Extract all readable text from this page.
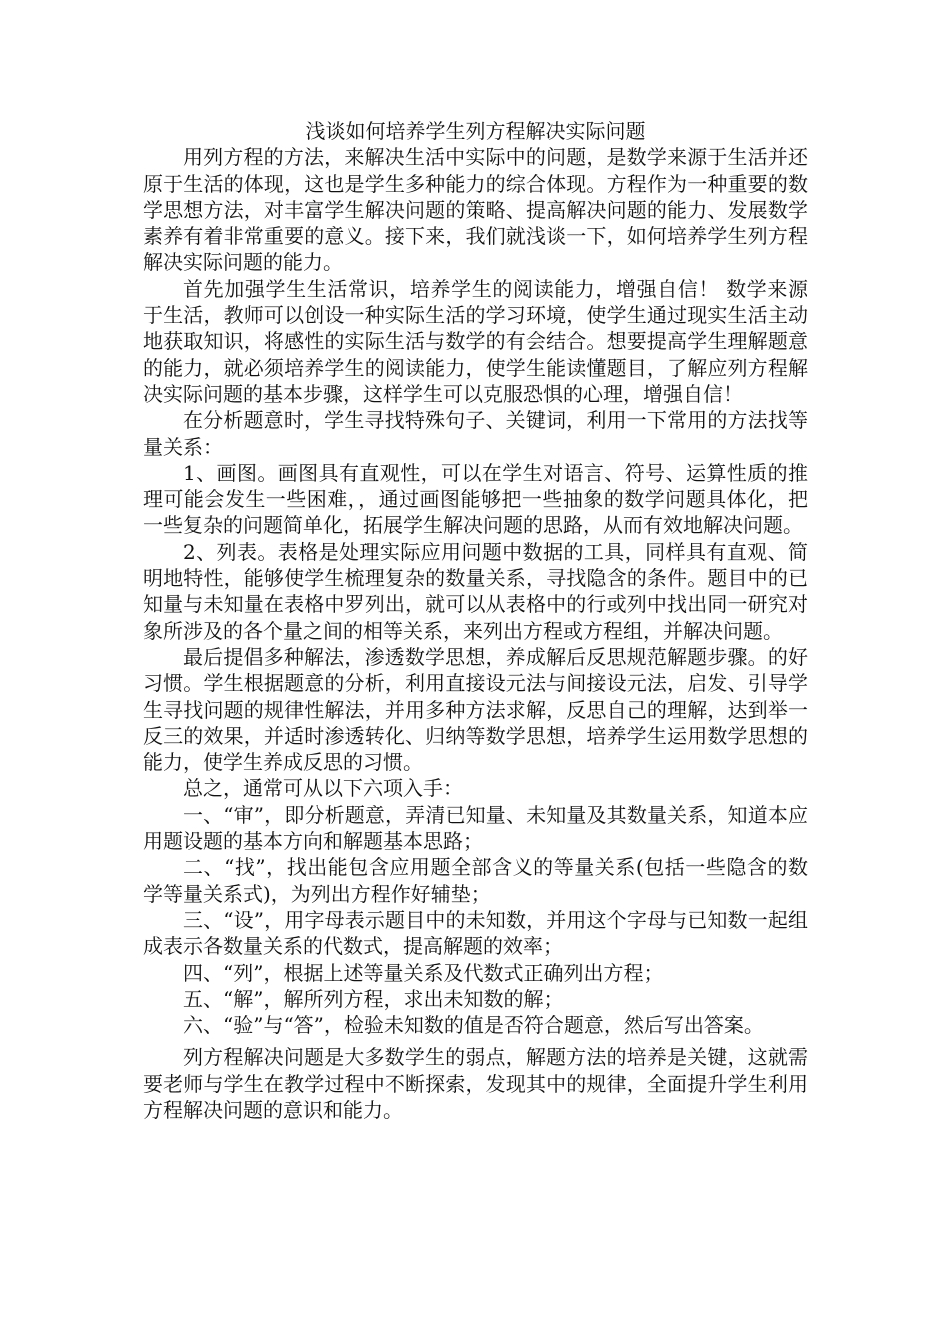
浅谈如何培养学生列方程解决实际问题

用列方程的方法，来解决生活中实际中的问题，是数学来源于生活并还原于生活的体现，这也是学生多种能力的综合体现。方程作为一种重要的数学思想方法，对丰富学生解决问题的策略、提高解决问题的能力、发展数学素养有着非常重要的意义。接下来，我们就浅谈一下，如何培养学生列方程解决实际问题的能力。

首先加强学生生活常识，培养学生的阅读能力，增强自信！ 数学来源于生活，教师可以创设一种实际生活的学习环境，使学生通过现实生活主动地获取知识，将感性的实际生活与数学的有会结合。想要提高学生理解题意的能力，就必须培养学生的阅读能力，使学生能读懂题目，了解应列方程解决实际问题的基本步骤，这样学生可以克服恐惧的心理，增强自信！

在分析题意时，学生寻找特殊句子、关键词，利用一下常用的方法找等量关系：

1、画图。画图具有直观性，可以在学生对语言、符号、运算性质的推理可能会发生一些困难，，通过画图能够把一些抽象的数学问题具体化，把一些复杂的问题简单化，拓展学生解决问题的思路，从而有效地解决问题。

2、列表。表格是处理实际应用问题中数据的工具，同样具有直观、简明地特性，能够使学生梳理复杂的数量关系，寻找隐含的条件。题目中的已知量与未知量在表格中罗列出，就可以从表格中的行或列中找出同一研究对象所涉及的各个量之间的相等关系，来列出方程或方程组，并解决问题。

最后提倡多种解法，渗透数学思想，养成解后反思规范解题步骤。的好习惯。学生根据题意的分析，利用直接设元法与间接设元法，启发、引导学生寻找问题的规律性解法，并用多种方法求解，反思自己的理解，达到举一反三的效果，并适时渗透转化、归纳等数学思想，培养学生运用数学思想的能力，使学生养成反思的习惯。

总之，通常可从以下六项入手：

一、“审”，即分析题意，弄清已知量、未知量及其数量关系，知道本应用题设题的基本方向和解题基本思路；

二、“找”，找出能包含应用题全部含义的等量关系(包括一些隐含的数学等量关系式)，为列出方程作好辅垫；

三、“设”，用字母表示题目中的未知数，并用这个字母与已知数一起组成表示各数量关系的代数式，提高解题的效率；

四、“列”，根据上述等量关系及代数式正确列出方程；

五、“解”，解所列方程，求出未知数的解；

六、“验”与“答”，检验未知数的值是否符合题意，然后写出答案。

列方程解决问题是大多数学生的弱点，解题方法的培养是关键，这就需要老师与学生在教学过程中不断探索，发现其中的规律，全面提升学生利用方程解决问题的意识和能力。
